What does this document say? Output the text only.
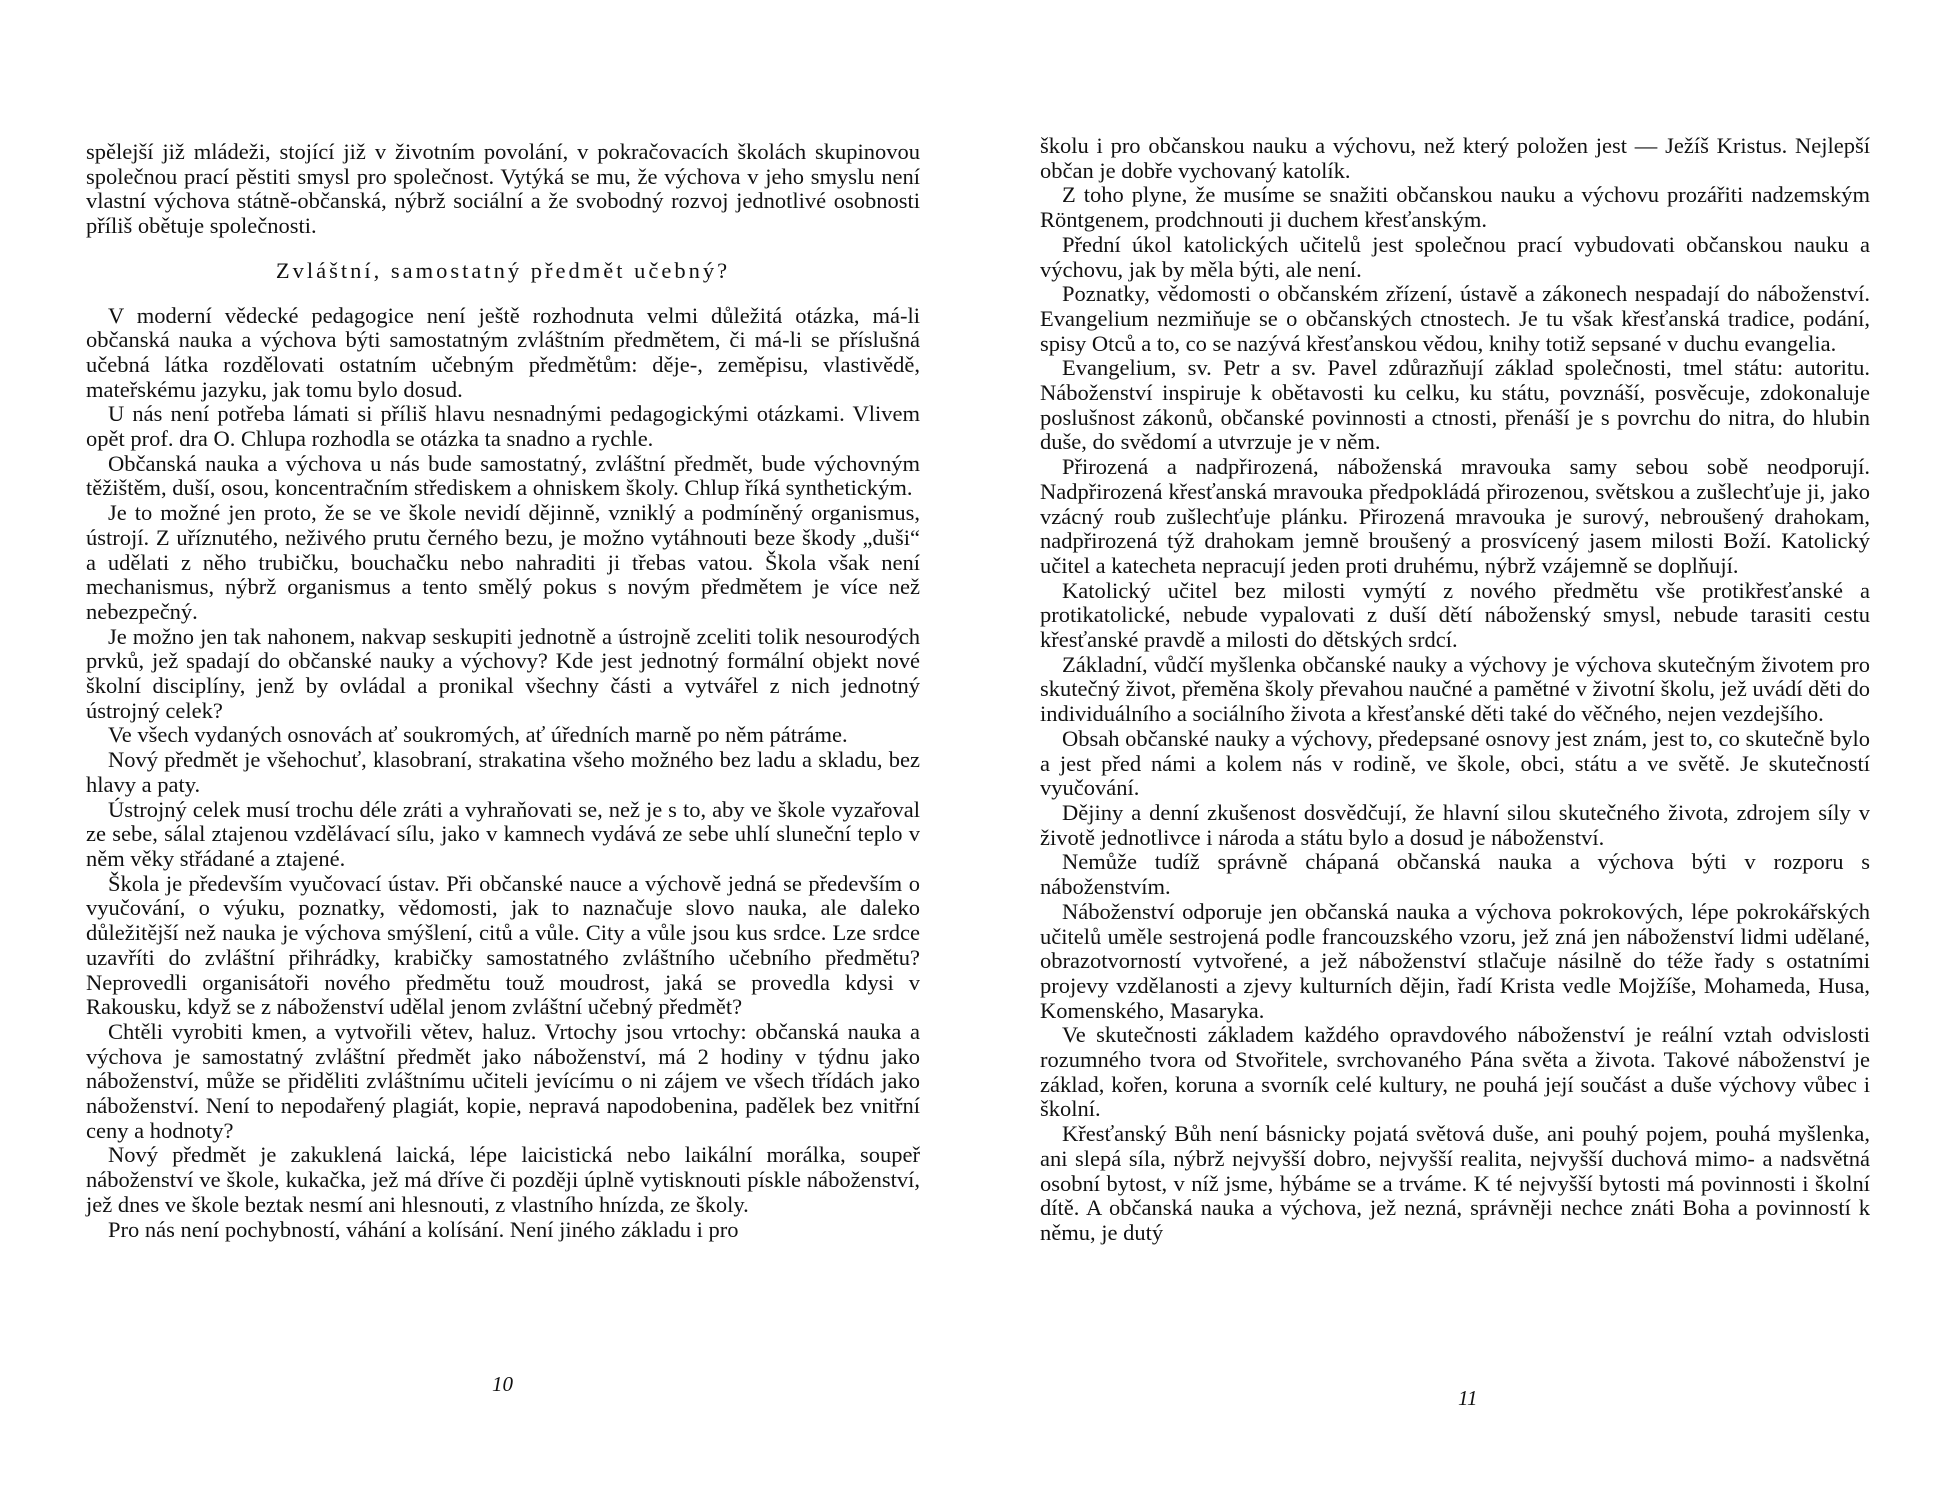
spělejší již mládeži, stojící již v životním povolání, v pokračovacích školách skupinovou společnou prací pěstiti smysl pro společnost. Vytýká se mu, že výchova v jeho smyslu není vlastní výchova státně-občanská, nýbrž sociální a že svobodný rozvoj jednotlivé osobnosti příliš obětuje společnosti.

Zvláštní, samostatný předmět učebný?

V moderní vědecké pedagogice není ještě rozhodnuta velmi důležitá otázka, má-li občanská nauka a výchova býti samostatným zvláštním předmětem, či má-li se příslušná učebná látka rozdělovati ostatním učebným předmětům: děje-, zeměpisu, vlastivědě, mateřskému jazyku, jak tomu bylo dosud.

U nás není potřeba lámati si příliš hlavu nesnadnými pedagogickými otázkami. Vlivem opět prof. dra O. Chlupa rozhodla se otázka ta snadno a rychle.

Občanská nauka a výchova u nás bude samostatný, zvláštní předmět, bude výchovným těžištěm, duší, osou, koncentračním střediskem a ohniskem školy. Chlup říká synthetickým.

Je to možné jen proto, že se ve škole nevidí dějinně, vzniklý a podmíněný organismus, ústrojí. Z uříznutého, neživého prutu černého bezu, je možno vytáhnouti beze škody „duši“ a udělati z něho trubičku, bouchačku nebo nahraditi ji třebas vatou. Škola však není mechanismus, nýbrž organismus a tento smělý pokus s novým předmětem je více než nebezpečný.

Je možno jen tak nahonem, nakvap seskupiti jednotně a ústrojně zceliti tolik nesourodých prvků, jež spadají do občanské nauky a výchovy? Kde jest jednotný formální objekt nové školní disciplíny, jenž by ovládal a pronikal všechny části a vytvářel z nich jednotný ústrojný celek?

Ve všech vydaných osnovách ať soukromých, ať úředních marně po něm pátráme.

Nový předmět je všehochuť, klasobraní, strakatina všeho možného bez ladu a skladu, bez hlavy a paty.

Ústrojný celek musí trochu déle zráti a vyhraňovati se, než je s to, aby ve škole vyzařoval ze sebe, sálal ztajenou vzdělávací sílu, jako v kamnech vydává ze sebe uhlí sluneční teplo v něm věky střádané a ztajené.

Škola je především vyučovací ústav. Při občanské nauce a výchově jedná se především o vyučování, o výuku, poznatky, vědomosti, jak to naznačuje slovo nauka, ale daleko důležitější než nauka je výchova smýšlení, citů a vůle. City a vůle jsou kus srdce. Lze srdce uzavříti do zvláštní přihrádky, krabičky samostatného zvláštního učebního předmětu? Neprovedli organisátoři nového předmětu touž moudrost, jaká se provedla kdysi v Rakousku, když se z náboženství udělal jenom zvláštní učebný předmět?

Chtěli vyrobiti kmen, a vytvořili větev, haluz. Vrtochy jsou vrtochy: občanská nauka a výchova je samostatný zvláštní předmět jako náboženství, má 2 hodiny v týdnu jako náboženství, může se přiděliti zvláštnímu učiteli jevícímu o ni zájem ve všech třídách jako náboženství. Není to nepodařený plagiát, kopie, nepravá napodobenina, padělek bez vnitřní ceny a hodnoty?

Nový předmět je zakuklená laická, lépe laicistická nebo laikální morálka, soupeř náboženství ve škole, kukačka, jež má dříve či později úplně vytisknouti pískle náboženství, jež dnes ve škole beztak nesmí ani hlesnouti, z vlastního hnízda, ze školy.

Pro nás není pochybností, váhání a kolísání. Není jiného základu i pro

10

školu i pro občanskou nauku a výchovu, než který položen jest — Ježíš Kristus. Nejlepší občan je dobře vychovaný katolík.

Z toho plyne, že musíme se snažiti občanskou nauku a výchovu prozářiti nadzemským Röntgenem, prodchnouti ji duchem křesťanským.

Přední úkol katolických učitelů jest společnou prací vybudovati občanskou nauku a výchovu, jak by měla býti, ale není.

Poznatky, vědomosti o občanském zřízení, ústavě a zákonech nespadají do náboženství. Evangelium nezmiňuje se o občanských ctnostech. Je tu však křesťanská tradice, podání, spisy Otců a to, co se nazývá křesťanskou vědou, knihy totiž sepsané v duchu evangelia.

Evangelium, sv. Petr a sv. Pavel zdůrazňují základ společnosti, tmel státu: autoritu. Náboženství inspiruje k obětavosti ku celku, ku státu, povznáší, posvěcuje, zdokonaluje poslušnost zákonů, občanské povinnosti a ctnosti, přenáší je s povrchu do nitra, do hlubin duše, do svědomí a utvrzuje je v něm.

Přirozená a nadpřirozená, náboženská mravouka samy sebou sobě neodporují. Nadpřirozená křesťanská mravouka předpokládá přirozenou, světskou a zušlechťuje ji, jako vzácný roub zušlechťuje plánku. Přirozená mravouka je surový, nebroušený drahokam, nadpřirozená týž drahokam jemně broušený a prosvícený jasem milosti Boží. Katolický učitel a katecheta nepracují jeden proti druhému, nýbrž vzájemně se doplňují.

Katolický učitel bez milosti vymýtí z nového předmětu vše protikřesťanské a protikatolické, nebude vypalovati z duší dětí náboženský smysl, nebude tarasiti cestu křesťanské pravdě a milosti do dětských srdcí.

Základní, vůdčí myšlenka občanské nauky a výchovy je výchova skutečným životem pro skutečný život, přeměna školy převahou naučné a pamětné v životní školu, jež uvádí děti do individuálního a sociálního života a křesťanské děti také do věčného, nejen vezdejšího.

Obsah občanské nauky a výchovy, předepsané osnovy jest znám, jest to, co skutečně bylo a jest před námi a kolem nás v rodině, ve škole, obci, státu a ve světě. Je skutečností vyučování.

Dějiny a denní zkušenost dosvědčují, že hlavní silou skutečného života, zdrojem síly v životě jednotlivce i národa a státu bylo a dosud je náboženství.

Nemůže tudíž správně chápaná občanská nauka a výchova býti v rozporu s náboženstvím.

Náboženství odporuje jen občanská nauka a výchova pokrokových, lépe pokrokářských učitelů uměle sestrojená podle francouzského vzoru, jež zná jen náboženství lidmi udělané, obrazotvorností vytvořené, a jež náboženství stlačuje násilně do téže řady s ostatními projevy vzdělanosti a zjevy kulturních dějin, řadí Krista vedle Mojžíše, Mohameda, Husa, Komenského, Masaryka.

Ve skutečnosti základem každého opravdového náboženství je reální vztah odvislosti rozumného tvora od Stvořitele, svrchovaného Pána světa a života. Takové náboženství je základ, kořen, koruna a svorník celé kultury, ne pouhá její součást a duše výchovy vůbec i školní.

Křesťanský Bůh není básnicky pojatá světová duše, ani pouhý pojem, pouhá myšlenka, ani slepá síla, nýbrž nejvyšší dobro, nejvyšší realita, nejvyšší duchová mimo- a nadsvětná osobní bytost, v níž jsme, hýbáme se a trváme. K té nejvyšší bytosti má povinnosti i školní dítě. A občanská nauka a výchova, jež nezná, správněji nechce znáti Boha a povinností k němu, je dutý

11
